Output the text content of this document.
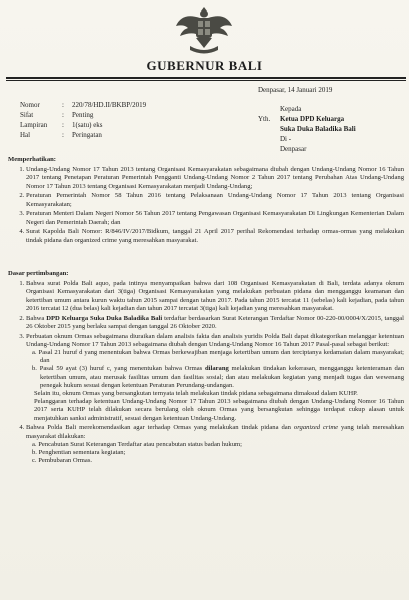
GUBERNUR BALI
Denpasar, 14 Januari 2019
Nomor	:	220/78/HD.II/BKBP/2019
Sifat	:	Penting
Lampiran	:	1(satu) eks
Hal	:	Peringatan
Yth.
Kepada
Ketua DPD Keluarga
Suka Duka Baladika Bali
Di -
Denpasar
Memperhatikan:
1. Undang-Undang Nomor 17 Tahun 2013 tentang Organisasi Kemasyarakatan sebagaimana diubah dengan Undang-Undang Nomor 16 Tahun 2017 tentang Penetapan Peraturan Pemerintah Pengganti Undang-Undang Nomor 2 Tahun 2017 tentang Perubahan Atas Undang-Undang Nomor 17 Tahun 2013 tentang Organisasi Kemasyarakatan menjadi Undang-Undang;
2. Peraturan Pemerintah Nomor 58 Tahun 2016 tentang Pelaksanaan Undang-Undang Nomor 17 Tahun 2013 tentang Organisasi Kemasyarakatan;
3. Peraturan Menteri Dalam Negeri Nomor 56 Tahun 2017 tentang Pengawasan Organisasi Kemasyarakatan Di Lingkungan Kementerian Dalam Negeri dan Pemerintah Daerah; dan
4. Surat Kapolda Bali Nomor: R/846/IV/2017/Bidkum, tanggal 21 April 2017 perihal Rekomendasi terhadap ormas-ormas yang melakukan tindak pidana dan organized crime yang meresahkan masyarakat.
Dasar pertimbangan:
1. Bahwa surat Polda Bali aquo, pada intinya menyampaikan bahwa dari 108 Organisasi Kemasyarakatan di Bali, terdata adanya oknum Organisasi Kemasyarakatan dari 3(tiga) Organisasi Kemasyarakatan yang melakukan perbuatan pidana dan mengganggu keamanan dan ketertiban umum antara kurun waktu tahun 2015 sampai dengan tahun 2017. Pada tahun 2015 tercatat 11 (sebelas) kali kejadian, pada tahun 2016 tercatat 12 (dua belas) kali kejadian dan tahun 2017 tercatat 3(tiga) kali kejadian yang meresahkan masyarakat.
2. Bahwa DPD Keluarga Suka Duka Baladika Bali terdaftar berdasarkan Surat Keterangan Terdaftar Nomor 00-220-00/0004/X/2015, tanggal 26 Oktober 2015 yang berlaku sampai dengan tanggal 26 Oktober 2020.
3. Perbuatan oknum Ormas sebagaimana diuraikan dalam analisis fakta dan analisis yuridis Polda Bali dapat dikategorikan melanggar ketentuan Undang-Undang Nomor 17 Tahun 2013 sebagaimana diubah dengan Undang-Undang Nomor 16 Tahun 2017 Pasal-pasal sebagai berikut:
a. Pasal 21 huruf d yang menentukan bahwa Ormas berkewajiban menjaga ketertiban umum dan terciptanya kedamaian dalam masyarakat; dan
b. Pasal 59 ayat (3) huruf c, yang menentukan bahwa Ormas dilarang melakukan tindakan kekerasan, mengganggu ketenteraman dan ketertiban umum, atau merusak fasilitas umum dan fasilitas sosial; dan atau melakukan kegiatan yang menjadi tugas dan wewenang penegak hukum sesuai dengan ketentuan Peraturan Perundang-undangan.

Selain itu, oknum Ormas yang bersangkutan ternyata telah melakukan tindak pidana sebagaimana dimaksud dalam KUHP.

Pelanggaran terhadap ketentuan Undang-Undang Nomor 17 Tahun 2013 sebagaimana diubah dengan Undang-Undang Nomor 16 Tahun 2017 serta KUHP telah dilakukan secara berulang oleh oknum Ormas yang bersangkutan sehingga terdapat cukup alasan untuk menjatuhkan sanksi administratif, sesuai dengan ketentuan Undang-Undang.

4. Bahwa Polda Bali merekomendasikan agar terhadap Ormas yang melakukan tindak pidana dan organized crime yang telah meresahkan masyarakat dilakukan:
a. Pencabutan Surat Keterangan Terdaftar atau pencabutan status badan hukum;
b. Penghentian sementara kegiatan;
c. Pembubaran Ormas.
